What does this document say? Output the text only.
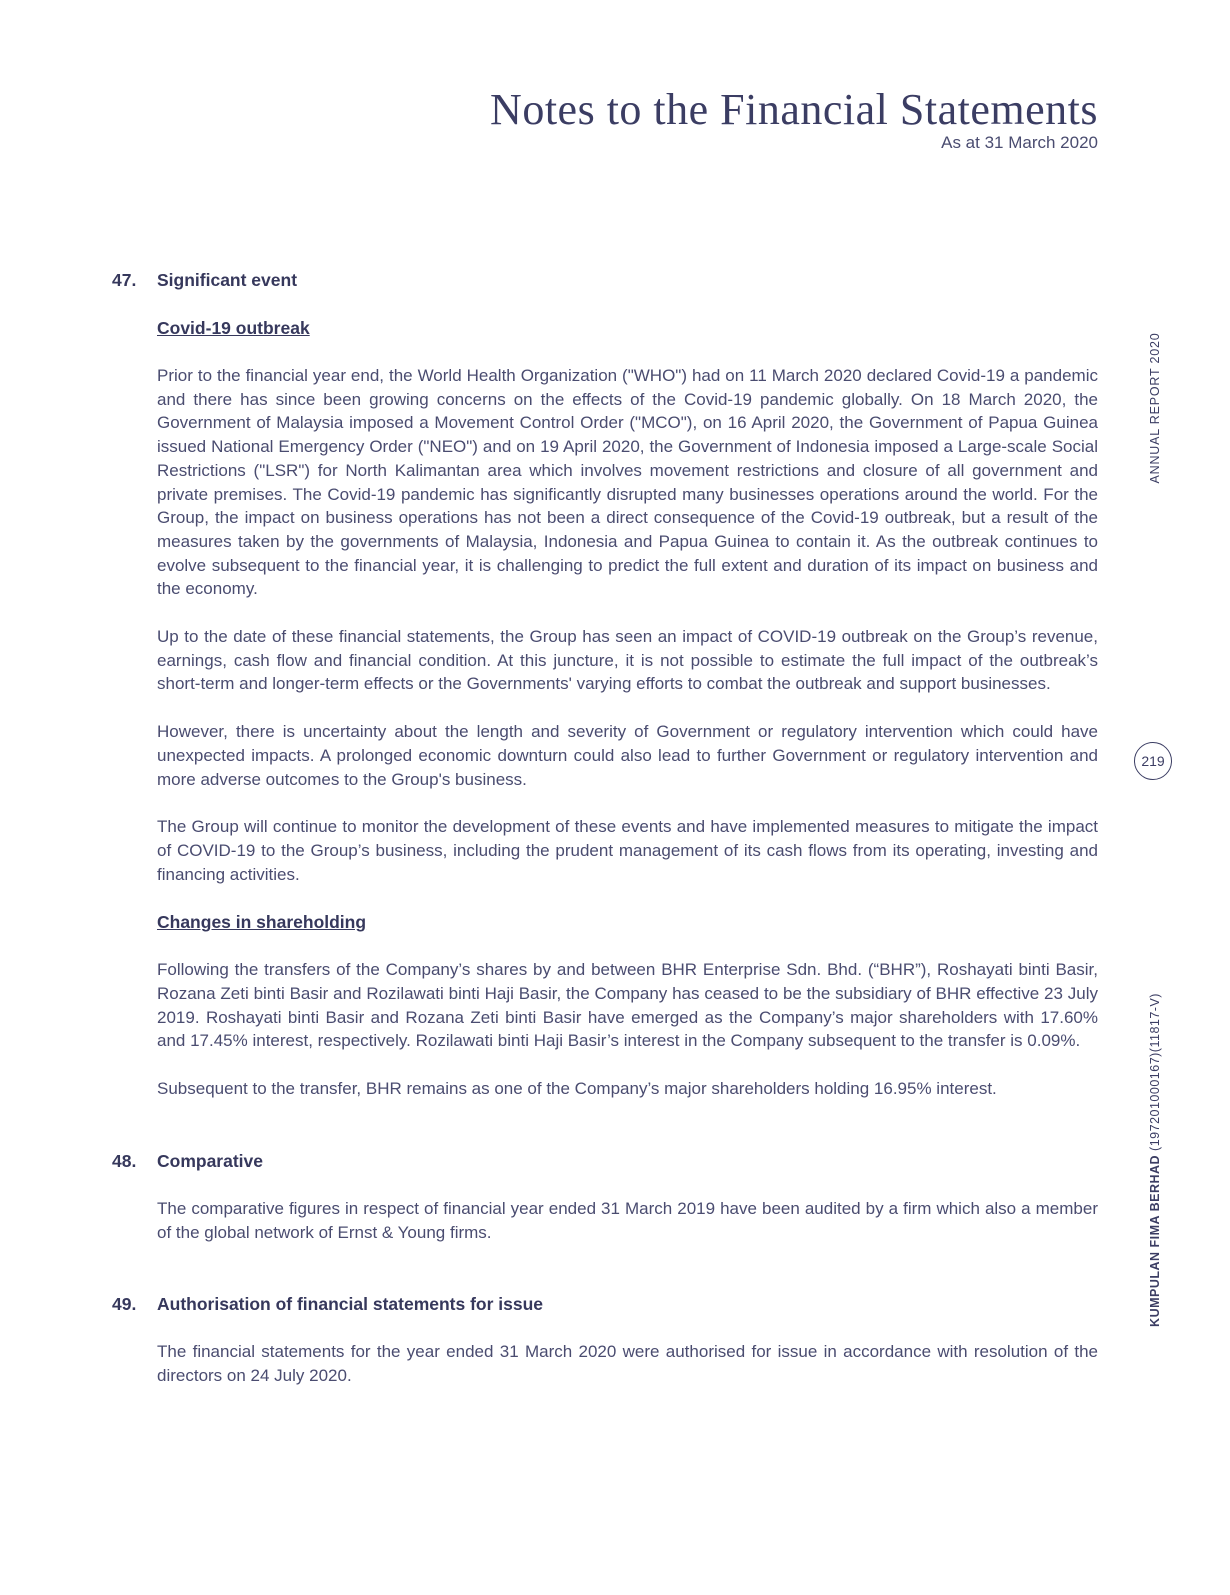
Notes to the Financial Statements
As at 31 March 2020
ANNUAL REPORT 2020
KUMPULAN FIMA BERHAD (197201000167)(11817-V)
219
47.	Significant event
Covid-19 outbreak

Prior to the financial year end, the World Health Organization ("WHO") had on 11 March 2020 declared Covid-19 a pandemic and there has since been growing concerns on the effects of the Covid-19 pandemic globally. On 18 March 2020, the Government of Malaysia imposed a Movement Control Order ("MCO"), on 16 April 2020, the Government of Papua Guinea issued National Emergency Order ("NEO") and on 19 April 2020, the Government of Indonesia imposed a Large-scale Social Restrictions ("LSR") for North Kalimantan area which involves movement restrictions and closure of all government and private premises. The Covid-19 pandemic has significantly disrupted many businesses operations around the world. For the Group, the impact on business operations has not been a direct consequence of the Covid-19 outbreak, but a result of the measures taken by the governments of Malaysia, Indonesia and Papua Guinea to contain it. As the outbreak continues to evolve subsequent to the financial year, it is challenging to predict the full extent and duration of its impact on business and the economy.

Up to the date of these financial statements, the Group has seen an impact of COVID-19 outbreak on the Group’s revenue, earnings, cash flow and financial condition. At this juncture, it is not possible to estimate the full impact of the outbreak’s short-term and longer-term effects or the Governments' varying efforts to combat the outbreak and support businesses.

However, there is uncertainty about the length and severity of Government or regulatory intervention which could have unexpected impacts. A prolonged economic downturn could also lead to further Government or regulatory intervention and more adverse outcomes to the Group's business.

The Group will continue to monitor the development of these events and have implemented measures to mitigate the impact of COVID-19 to the Group’s business, including the prudent management of its cash flows from its operating, investing and financing activities.

Changes in shareholding

Following the transfers of the Company’s shares by and between BHR Enterprise Sdn. Bhd. (“BHR”), Roshayati binti Basir, Rozana Zeti binti Basir and Rozilawati binti Haji Basir, the Company has ceased to be the subsidiary of BHR effective 23 July 2019. Roshayati binti Basir and Rozana Zeti binti Basir have emerged as the Company’s major shareholders with 17.60% and 17.45% interest, respectively. Rozilawati binti Haji Basir’s interest in the Company subsequent to the transfer is 0.09%.

Subsequent to the transfer, BHR remains as one of the Company’s major shareholders holding 16.95% interest.

48.	Comparative

The comparative figures in respect of financial year ended 31 March 2019 have been audited by a firm which also a member of the global network of Ernst & Young firms.

49.	Authorisation of financial statements for issue

The financial statements for the year ended 31 March 2020 were authorised for issue in accordance with resolution of the directors on 24 July 2020.
